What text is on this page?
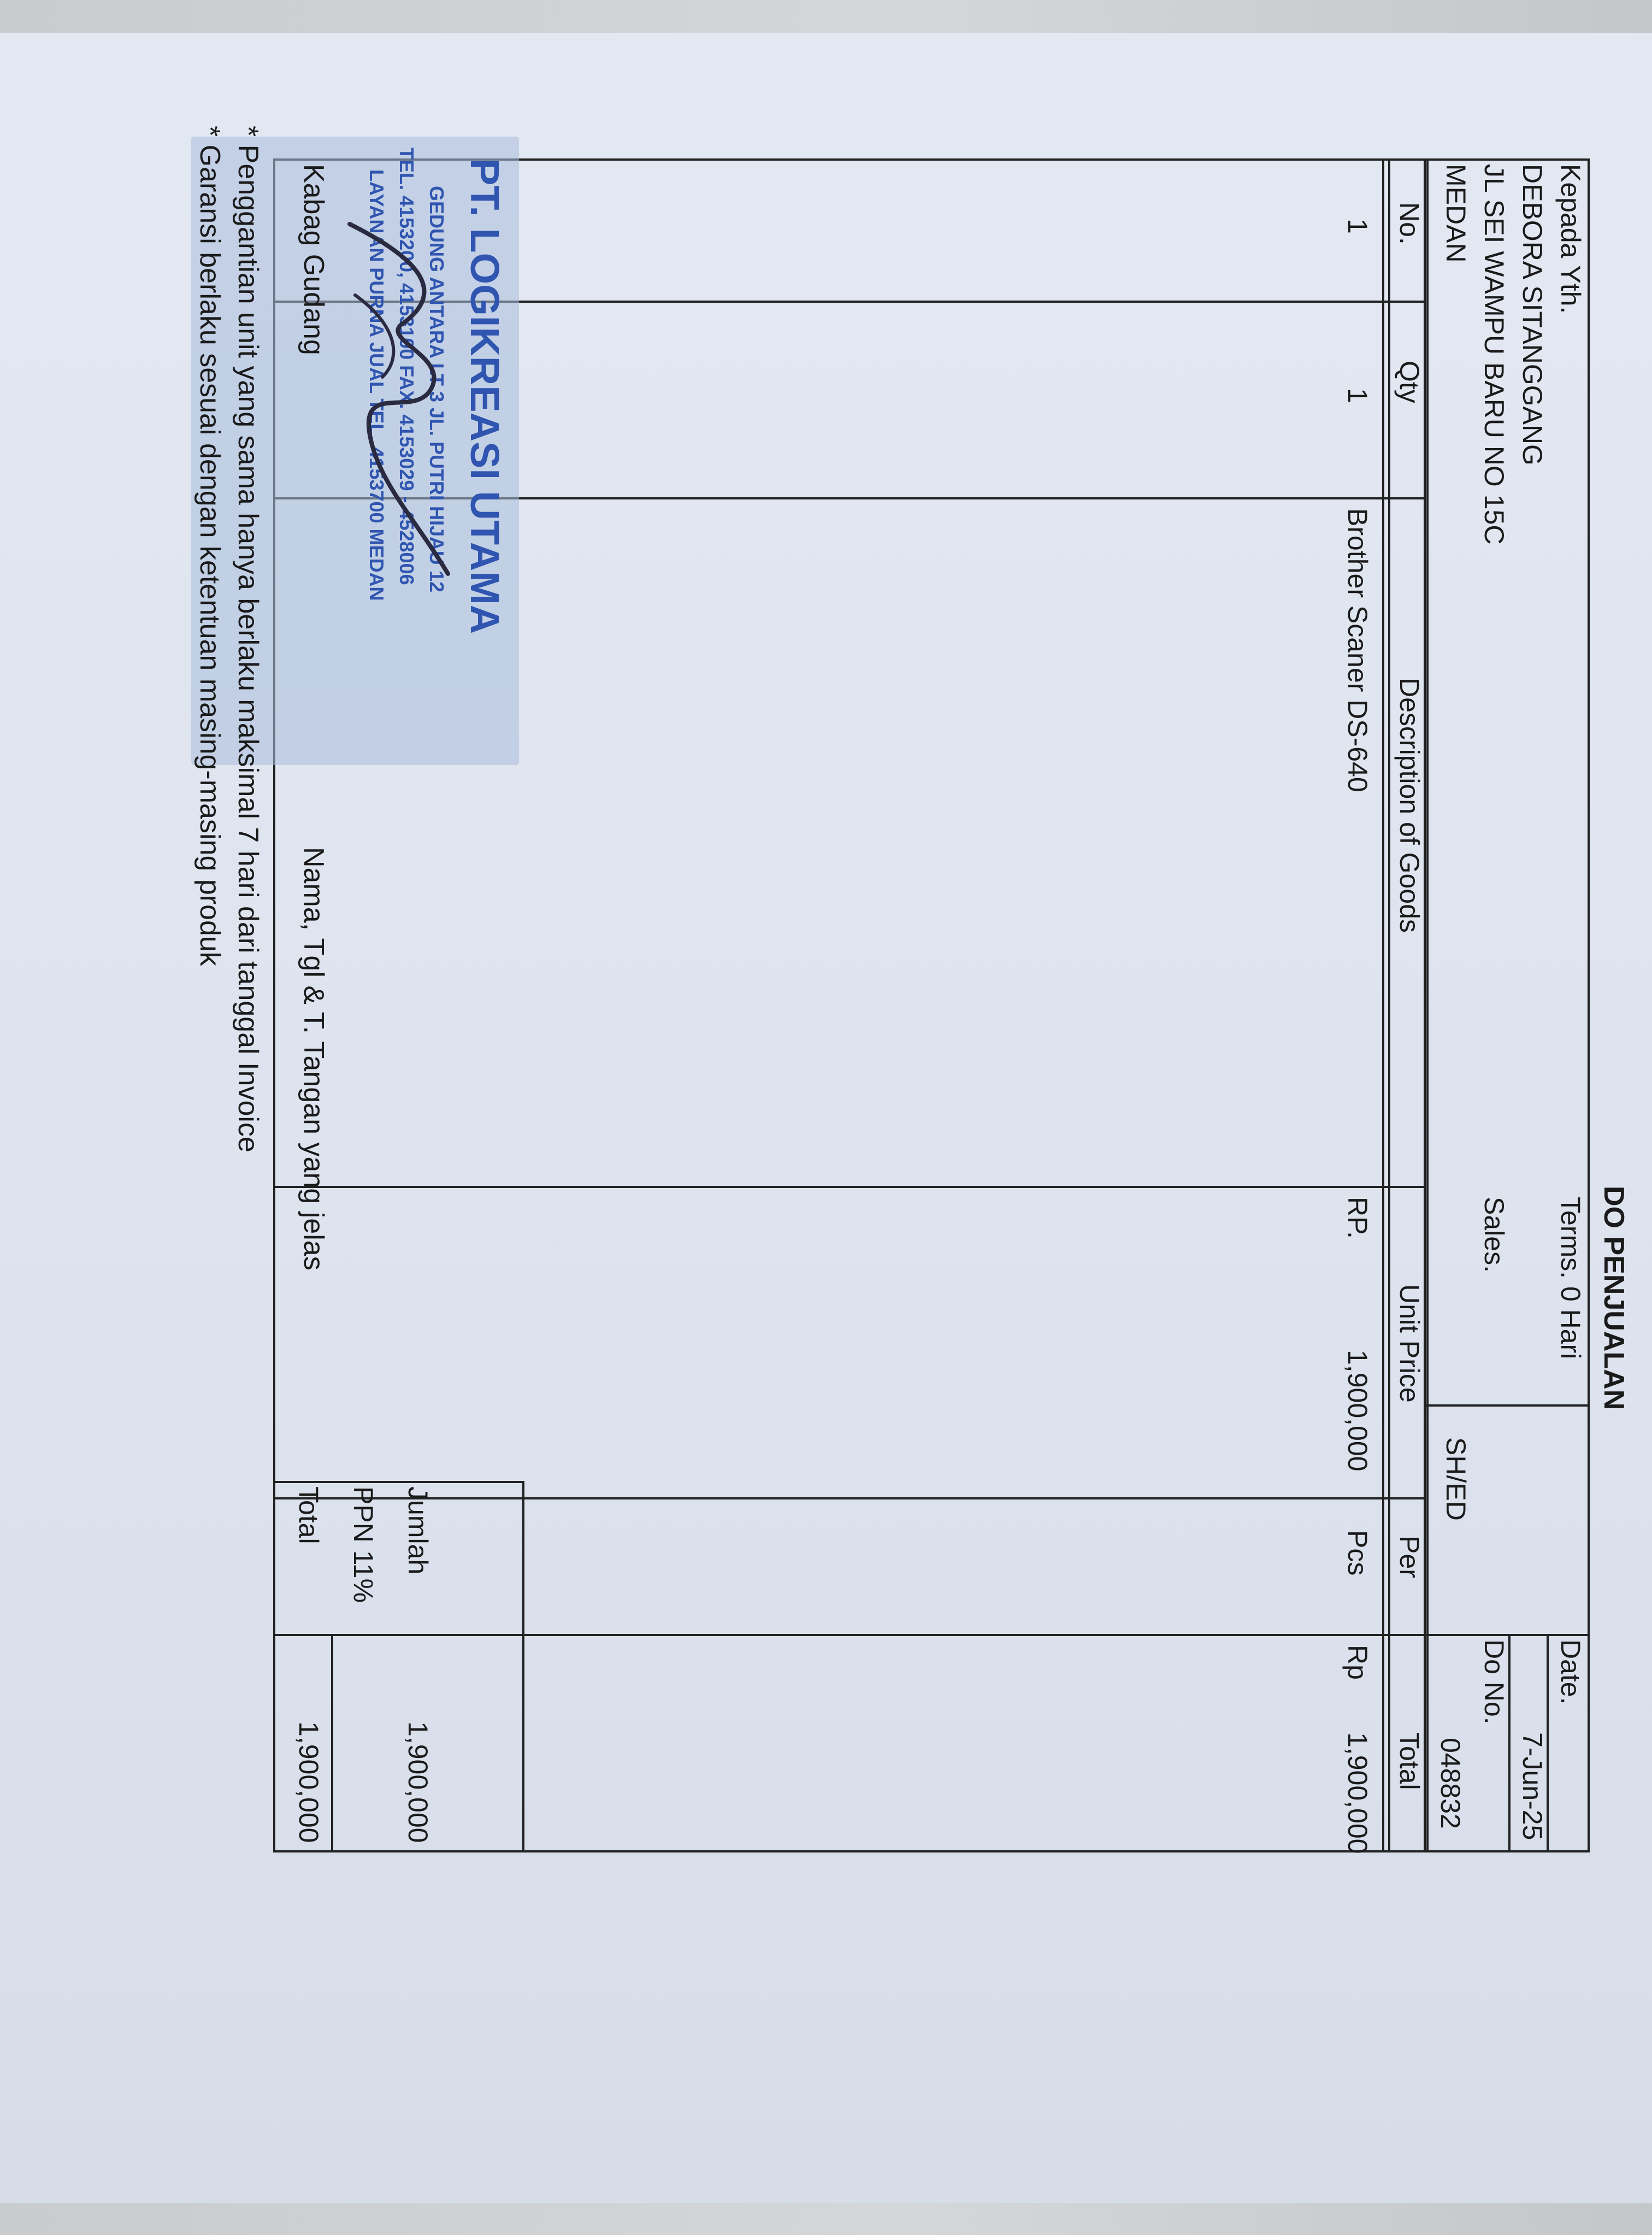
DO PENJUALAN
Kepada Yth.
DEBORA SITANGGANG
JL SEI WAMPU BARU NO 15C
MEDAN
Terms. 0 Hari
Sales.
SH/ED
Date.
7-Jun-25
Do No.
048832
No.
Qty
Description of Goods
Unit Price
Per
Total
1
1
Brother Scaner DS-640
RP.
1,900,000
Pcs
Rp
1,900,000
Jumlah
1,900,000
PPN 11%
Total
1,900,000
PT. LOGIKREASI UTAMA
GEDUNG ANTARA LT 3 JL. PUTRI HIJAU 12
TEL. 4153200, 4153100 FAX. 4153029 - 4528006
LAYANAN PURNA JUAL TEL. 4153700 MEDAN
Kabag Gudang
Nama, Tgl & T. Tangan yang jelas
* Penggantian unit yang sama hanya berlaku maksimal 7 hari dari tanggal Invoice
* Garansi berlaku sesuai dengan ketentuan masing-masing produk
